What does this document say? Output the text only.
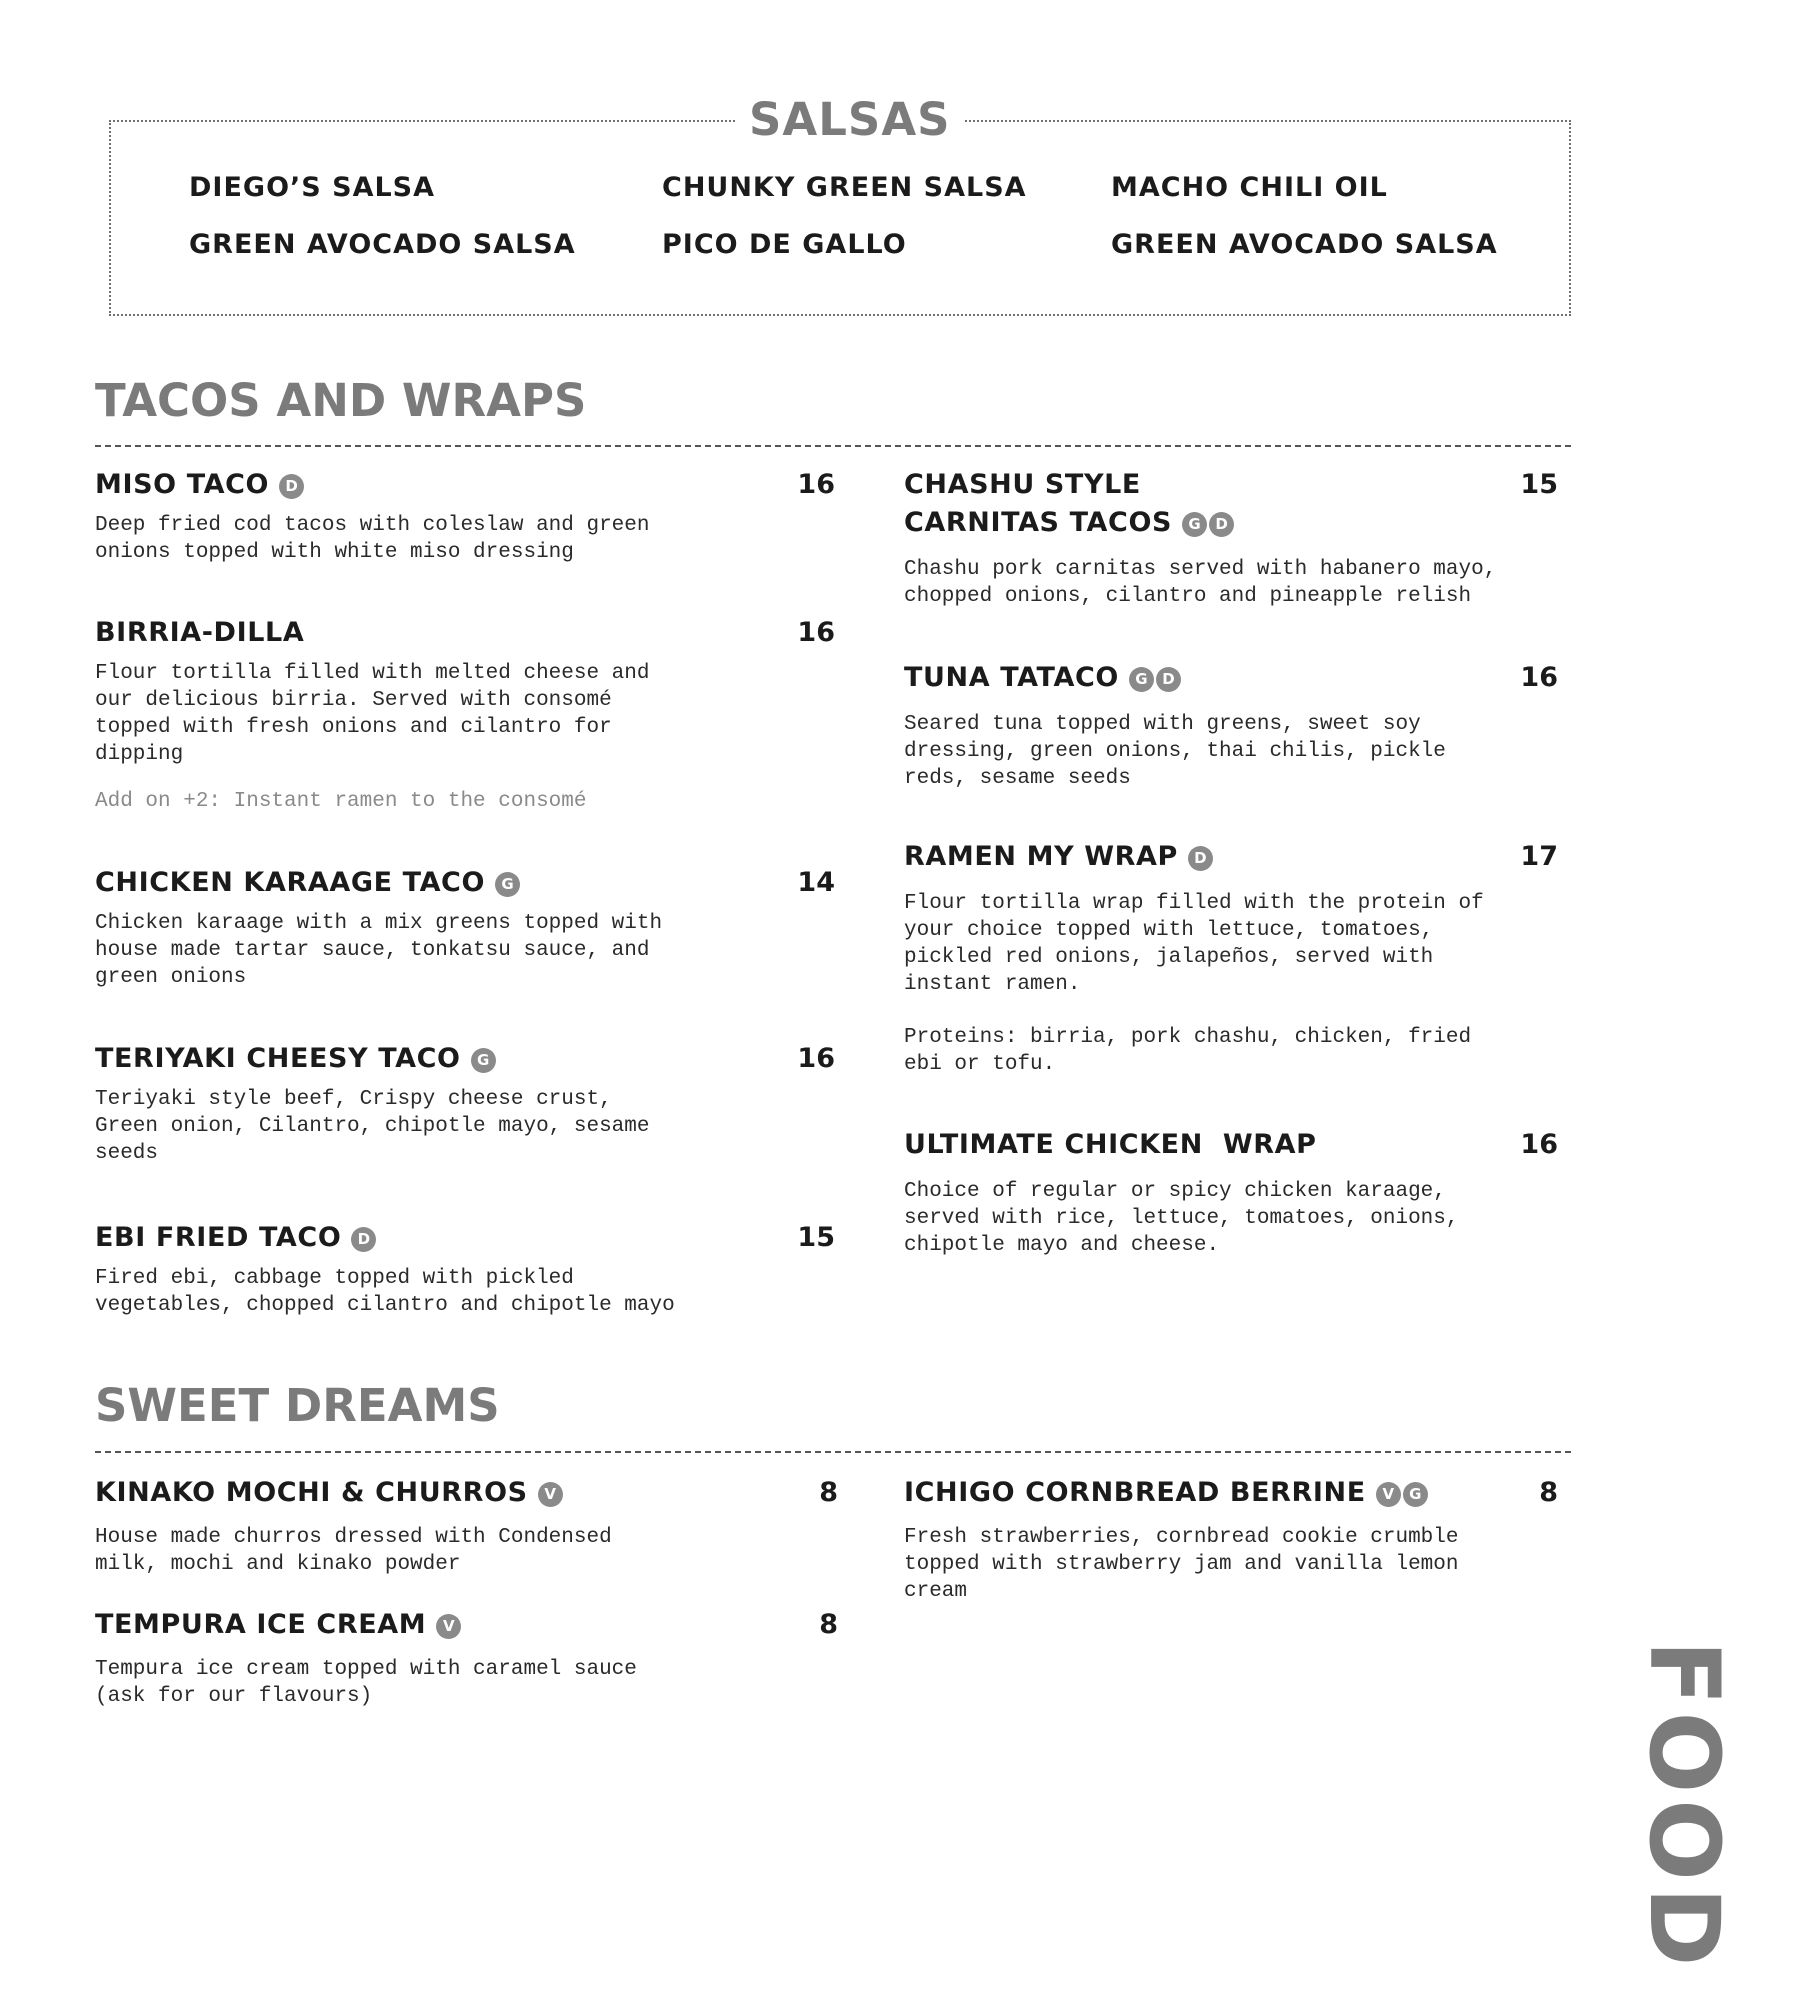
SALSAS
DIEGO’S SALSA	CHUNKY GREEN SALSA	MACHO CHILI OIL
GREEN AVOCADO SALSA	PICO DE GALLO	GREEN AVOCADO SALSA
TACOS AND WRAPS
MISO TACO D	16
Deep fried cod tacos with coleslaw and green
onions topped with white miso dressing
BIRRIA-DILLA	16
Flour tortilla filled with melted cheese and
our delicious birria. Served with consomé
topped with fresh onions and cilantro for
dipping
Add on +2: Instant ramen to the consomé
CHICKEN KARAAGE TACO G	14
Chicken karaage with a mix greens topped with
house made tartar sauce, tonkatsu sauce, and
green onions
TERIYAKI CHEESY TACO G	16
Teriyaki style beef, Crispy cheese crust,
Green onion, Cilantro, chipotle mayo, sesame
seeds
EBI FRIED TACO D	15
Fired ebi, cabbage topped with pickled
vegetables, chopped cilantro and chipotle mayo
CHASHU STYLE
CARNITAS TACOS G D
15
Chashu pork carnitas served with habanero mayo,
chopped onions, cilantro and pineapple relish
TUNA TATACO G D	16
Seared tuna topped with greens, sweet soy
dressing, green onions, thai chilis, pickle
reds, sesame seeds
RAMEN MY WRAP D	17
Flour tortilla wrap filled with the protein of
your choice topped with lettuce, tomatoes,
pickled red onions, jalapeños, served with
instant ramen.
Proteins: birria, pork chashu, chicken, fried
ebi or tofu.
ULTIMATE CHICKEN  WRAP	16
Choice of regular or spicy chicken karaage,
served with rice, lettuce, tomatoes, onions,
chipotle mayo and cheese.
SWEET DREAMS
KINAKO MOCHI & CHURROS V	8
House made churros dressed with Condensed
milk, mochi and kinako powder
TEMPURA ICE CREAM V	8
Tempura ice cream topped with caramel sauce
(ask for our flavours)
ICHIGO CORNBREAD BERRINE V G	8
Fresh strawberries, cornbread cookie crumble
topped with strawberry jam and vanilla lemon
cream
FOOD
